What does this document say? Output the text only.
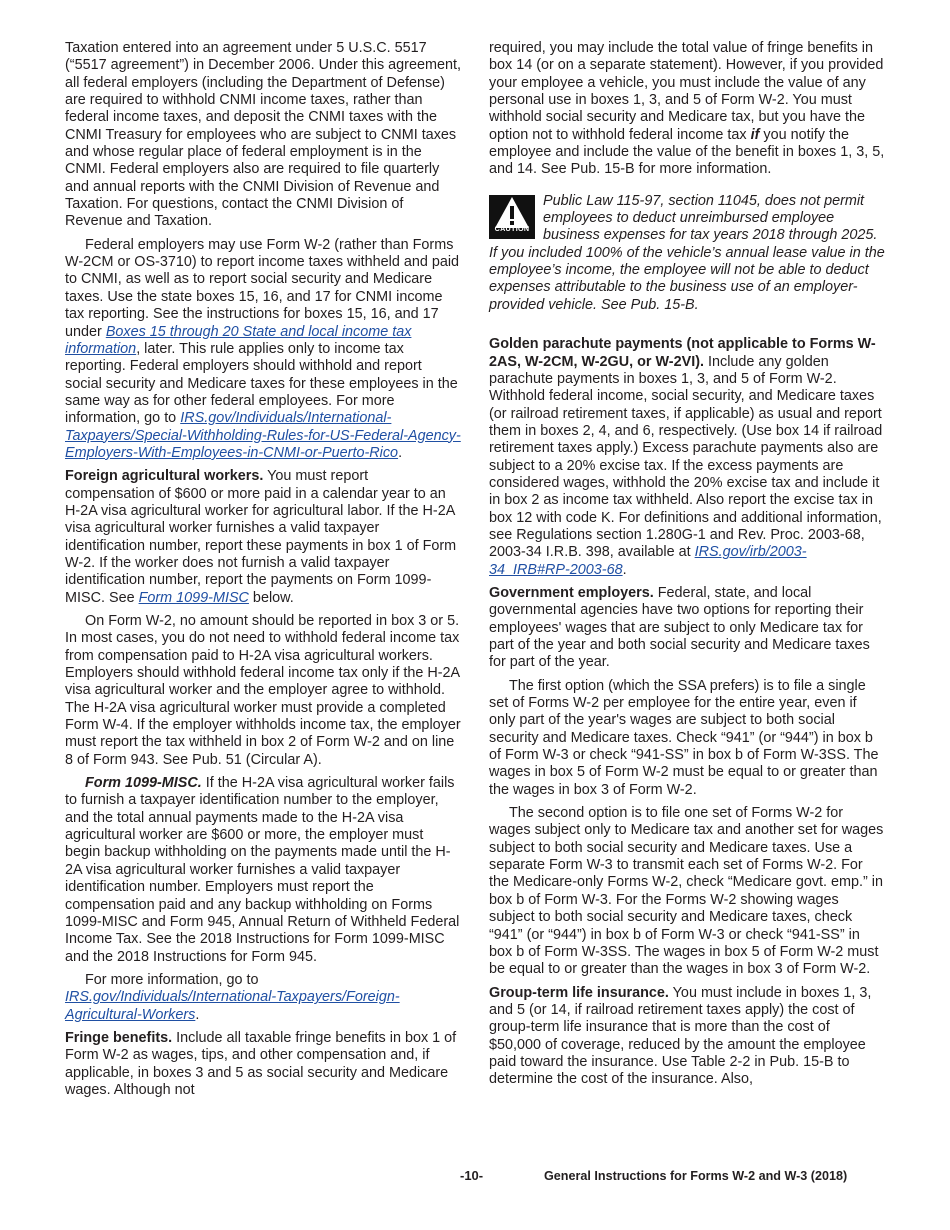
Taxation entered into an agreement under 5 U.S.C. 5517 (“5517 agreement”) in December 2006. Under this agreement, all federal employers (including the Department of Defense) are required to withhold CNMI income taxes, rather than federal income taxes, and deposit the CNMI taxes with the CNMI Treasury for employees who are subject to CNMI taxes and whose regular place of federal employment is in the CNMI. Federal employers also are required to file quarterly and annual reports with the CNMI Division of Revenue and Taxation. For questions, contact the CNMI Division of Revenue and Taxation.

Federal employers may use Form W-2 (rather than Forms W-2CM or OS-3710) to report income taxes withheld and paid to CNMI, as well as to report social security and Medicare taxes. Use the state boxes 15, 16, and 17 for CNMI income tax reporting. See the instructions for boxes 15, 16, and 17 under Boxes 15 through 20 State and local income tax information, later. This rule applies only to income tax reporting. Federal employers should withhold and report social security and Medicare taxes for these employees in the same way as for other federal employees. For more information, go to IRS.gov/Individuals/International-Taxpayers/Special-Withholding-Rules-for-US-Federal-Agency-Employers-With-Employees-in-CNMI-or-Puerto-Rico.

Foreign agricultural workers. You must report compensation of $600 or more paid in a calendar year to an H-2A visa agricultural worker for agricultural labor. If the H-2A visa agricultural worker furnishes a valid taxpayer identification number, report these payments in box 1 of Form W-2. If the worker does not furnish a valid taxpayer identification number, report the payments on Form 1099-MISC. See Form 1099-MISC below.

On Form W-2, no amount should be reported in box 3 or 5. In most cases, you do not need to withhold federal income tax from compensation paid to H-2A visa agricultural workers. Employers should withhold federal income tax only if the H-2A visa agricultural worker and the employer agree to withhold. The H-2A visa agricultural worker must provide a completed Form W-4. If the employer withholds income tax, the employer must report the tax withheld in box 2 of Form W-2 and on line 8 of Form 943. See Pub. 51 (Circular A).

Form 1099-MISC. If the H-2A visa agricultural worker fails to furnish a taxpayer identification number to the employer, and the total annual payments made to the H-2A visa agricultural worker are $600 or more, the employer must begin backup withholding on the payments made until the H-2A visa agricultural worker furnishes a valid taxpayer identification number. Employers must report the compensation paid and any backup withholding on Forms 1099-MISC and Form 945, Annual Return of Withheld Federal Income Tax. See the 2018 Instructions for Form 1099-MISC and the 2018 Instructions for Form 945.

For more information, go to IRS.gov/Individuals/International-Taxpayers/Foreign-Agricultural-Workers.

Fringe benefits. Include all taxable fringe benefits in box 1 of Form W-2 as wages, tips, and other compensation and, if applicable, in boxes 3 and 5 as social security and Medicare wages. Although not

required, you may include the total value of fringe benefits in box 14 (or on a separate statement). However, if you provided your employee a vehicle, you must include the value of any personal use in boxes 1, 3, and 5 of Form W-2. You must withhold social security and Medicare tax, but you have the option not to withhold federal income tax if you notify the employee and include the value of the benefit in boxes 1, 3, 5, and 14. See Pub. 15-B for more information.

CAUTION
Public Law 115-97, section 11045, does not permit employees to deduct unreimbursed employee business expenses for tax years 2018 through 2025. If you included 100% of the vehicle’s annual lease value in the employee’s income, the employee will not be able to deduct expenses attributable to the business use of an employer-provided vehicle. See Pub. 15-B.

Golden parachute payments (not applicable to Forms W-2AS, W-2CM, W-2GU, or W-2VI). Include any golden parachute payments in boxes 1, 3, and 5 of Form W-2. Withhold federal income, social security, and Medicare taxes (or railroad retirement taxes, if applicable) as usual and report them in boxes 2, 4, and 6, respectively. (Use box 14 if railroad retirement taxes apply.) Excess parachute payments also are subject to a 20% excise tax. If the excess payments are considered wages, withhold the 20% excise tax and include it in box 2 as income tax withheld. Also report the excise tax in box 12 with code K. For definitions and additional information, see Regulations section 1.280G-1 and Rev. Proc. 2003-68, 2003-34 I.R.B. 398, available at IRS.gov/irb/2003-34_IRB#RP-2003-68.

Government employers. Federal, state, and local governmental agencies have two options for reporting their employees' wages that are subject to only Medicare tax for part of the year and both social security and Medicare taxes for part of the year.

The first option (which the SSA prefers) is to file a single set of Forms W-2 per employee for the entire year, even if only part of the year's wages are subject to both social security and Medicare taxes. Check “941” (or “944”) in box b of Form W-3 or check “941-SS” in box b of Form W-3SS. The wages in box 5 of Form W-2 must be equal to or greater than the wages in box 3 of Form W-2.

The second option is to file one set of Forms W-2 for wages subject only to Medicare tax and another set for wages subject to both social security and Medicare taxes. Use a separate Form W-3 to transmit each set of Forms W-2. For the Medicare-only Forms W-2, check “Medicare govt. emp.” in box b of Form W-3. For the Forms W-2 showing wages subject to both social security and Medicare taxes, check “941” (or “944”) in box b of Form W-3 or check “941-SS” in box b of Form W-3SS. The wages in box 5 of Form W-2 must be equal to or greater than the wages in box 3 of Form W-2.

Group-term life insurance. You must include in boxes 1, 3, and 5 (or 14, if railroad retirement taxes apply) the cost of group-term life insurance that is more than the cost of $50,000 of coverage, reduced by the amount the employee paid toward the insurance. Use Table 2-2 in Pub. 15-B to determine the cost of the insurance. Also,

-10-	General Instructions for Forms W-2 and W-3 (2018)
